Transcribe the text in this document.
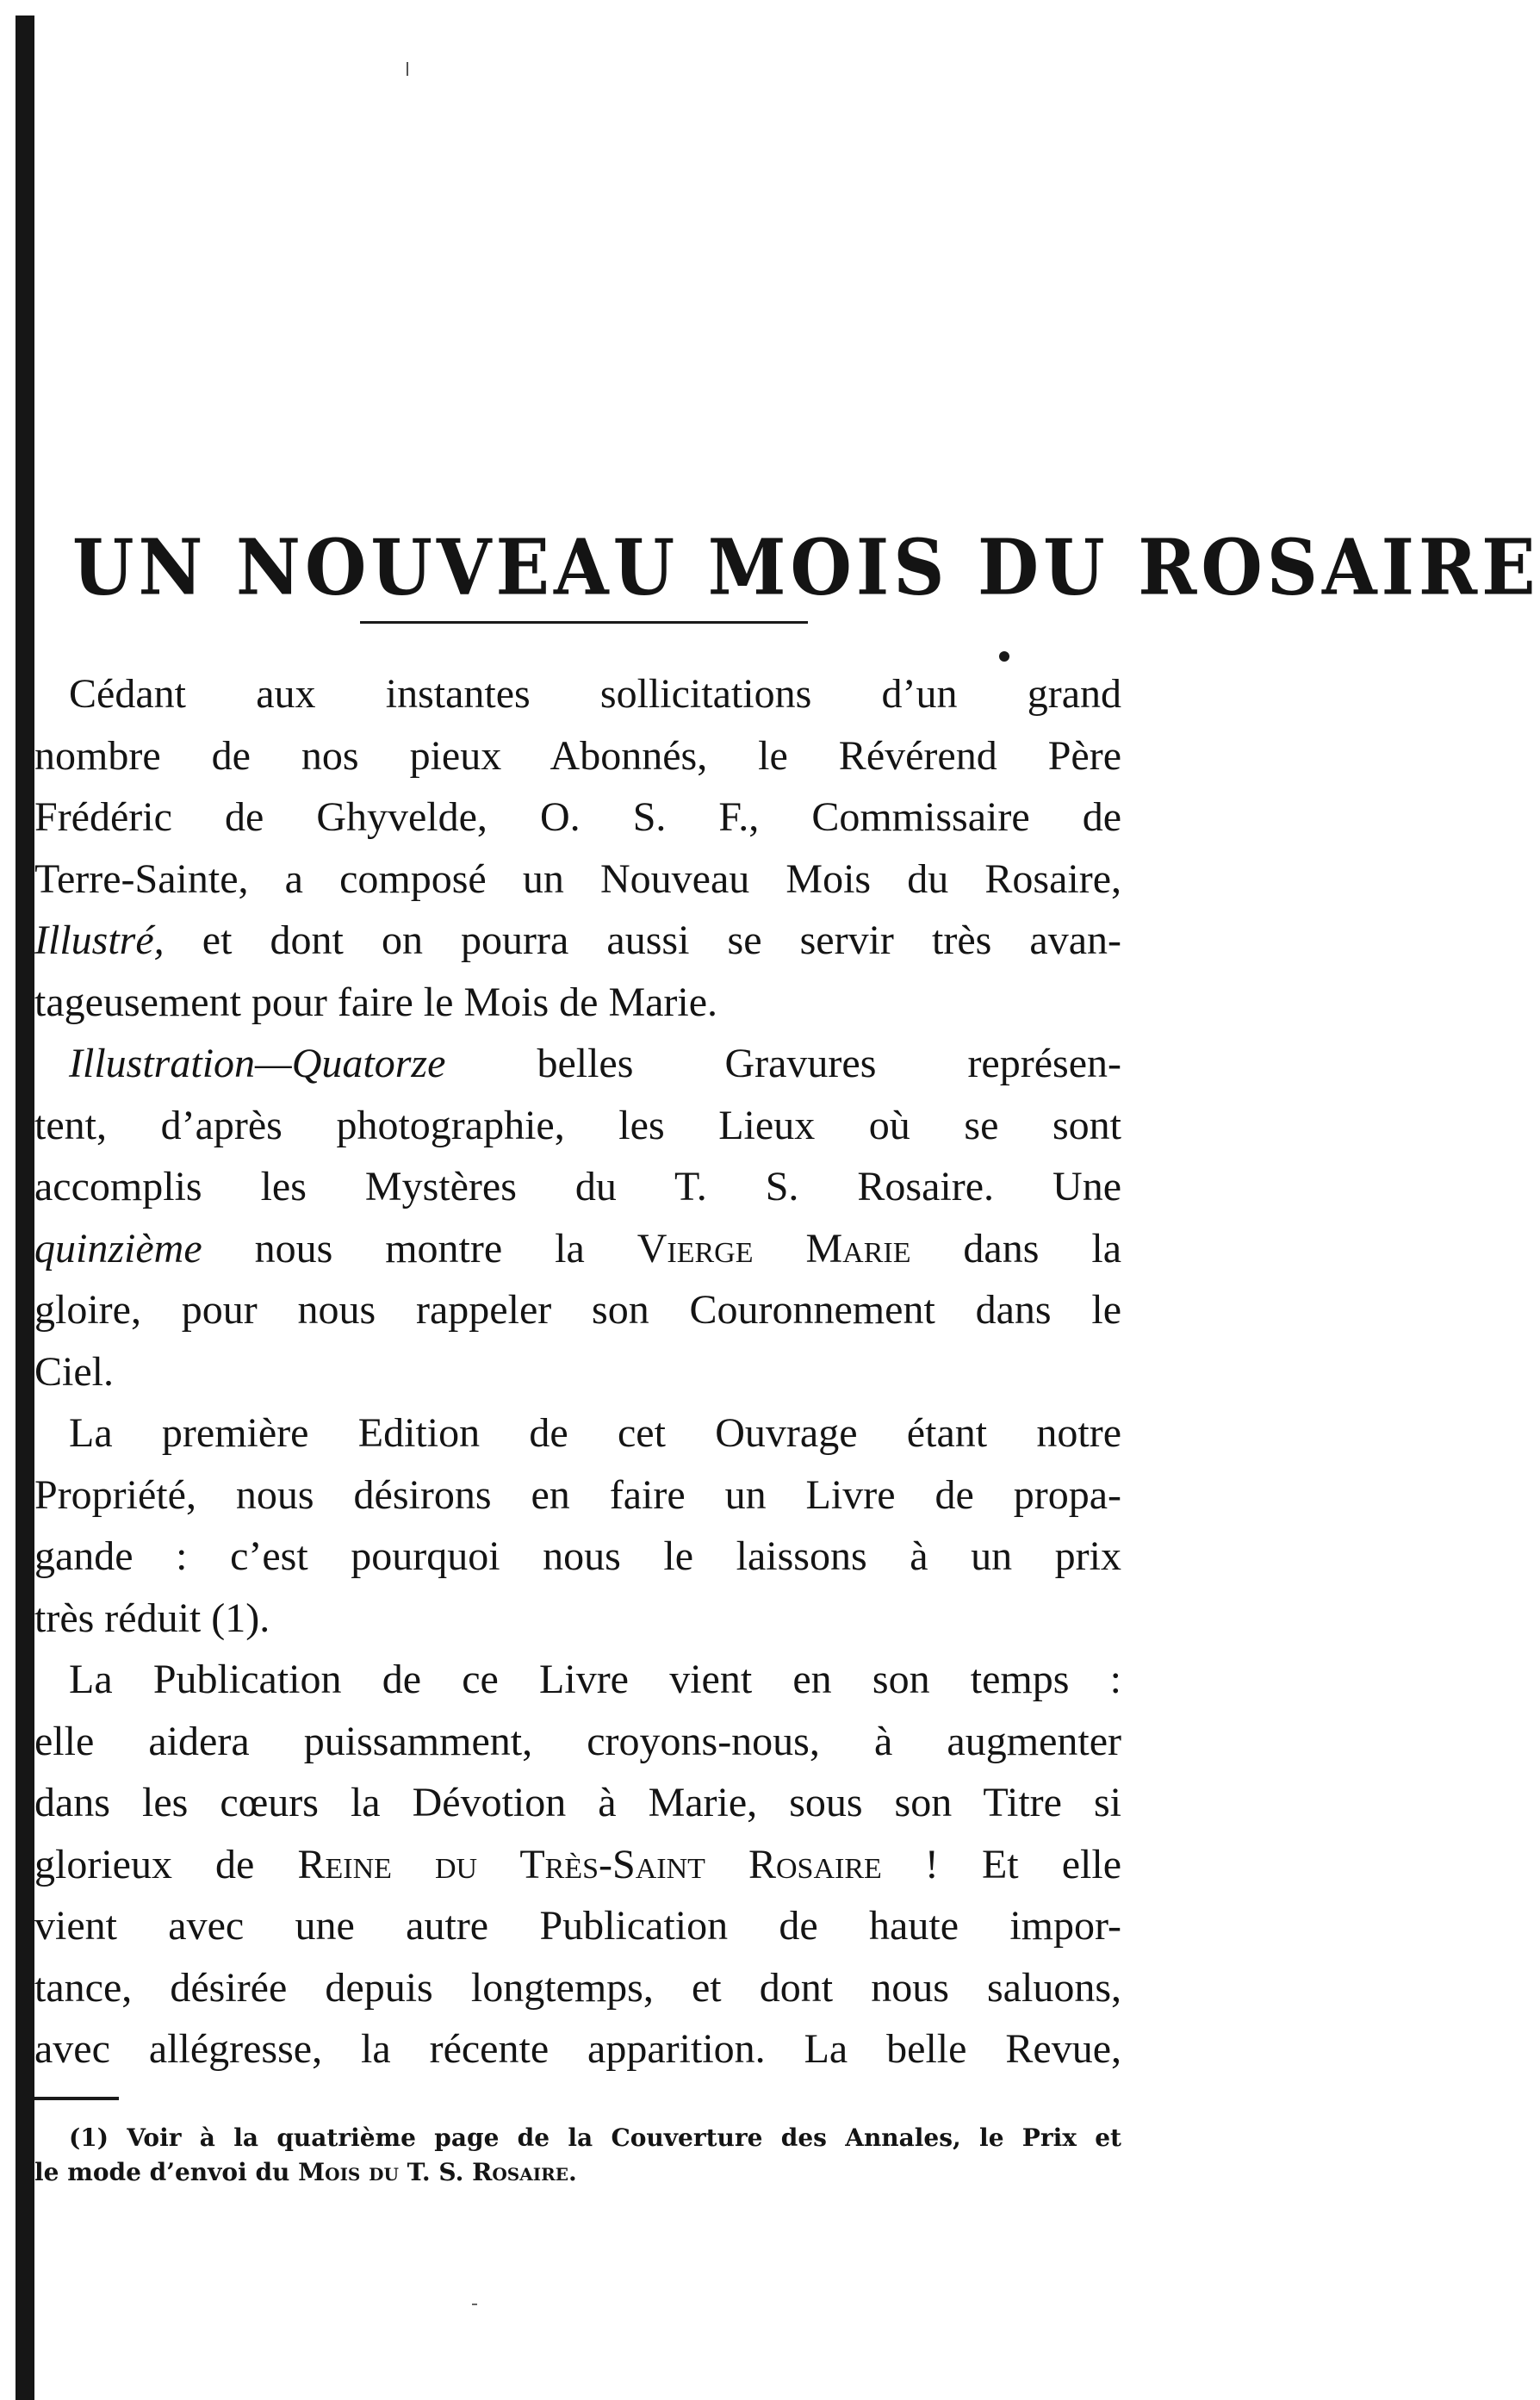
UN NOUVEAU MOIS DU ROSAIRE
Cédant aux instantes sollicitations d’un grand
nombre de nos pieux Abonnés, le Révérend Père
Frédéric de Ghyvelde, O. S. F., Commissaire de
Terre-Sainte, a composé un Nouveau Mois du Rosaire,
Illustré, et dont on pourra aussi se servir très avan-
tageusement pour faire le Mois de Marie.
Illustration—Quatorze belles Gravures représen-
tent, d’après photographie, les Lieux où se sont
accomplis les Mystères du T. S. Rosaire. Une
quinzième nous montre la Vierge Marie dans la
gloire, pour nous rappeler son Couronnement dans le
Ciel.
La première Edition de cet Ouvrage étant notre
Propriété, nous désirons en faire un Livre de propa-
gande : c’est pourquoi nous le laissons à un prix
très réduit (1).
La Publication de ce Livre vient en son temps :
elle aidera puissamment, croyons-nous, à augmenter
dans les cœurs la Dévotion à Marie, sous son Titre si
glorieux de Reine du Très-Saint Rosaire ! Et elle
vient avec une autre Publication de haute impor-
tance, désirée depuis longtemps, et dont nous saluons,
avec allégresse, la récente apparition. La belle Revue,
(1) Voir à la quatrième page de la Couverture des Annales, le Prix et
le mode d’envoi du Mois du T. S. Rosaire.
